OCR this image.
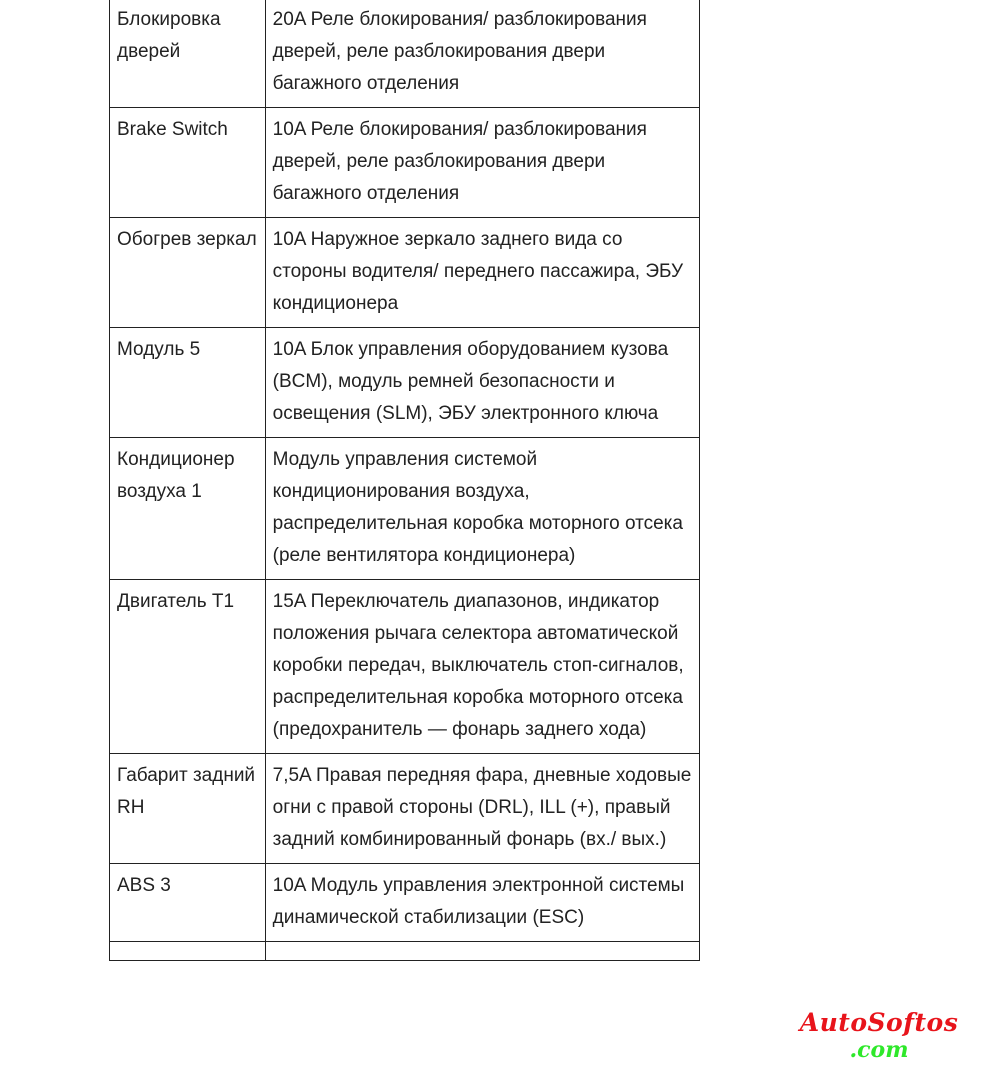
Блокировка дверей	20A Реле блокирования/ разблокирования дверей, реле разблокирования двери багажного отделения
Brake Switch	10A Реле блокирования/ разблокирования дверей, реле разблокирования двери багажного отделения
Обогрев зеркал	10A Наружное зеркало заднего вида со стороны водителя/ переднего пассажира, ЭБУ кондиционера
Модуль 5	10A Блок управления оборудованием кузова (BCM), модуль ремней безопасности и освещения (SLM), ЭБУ электронного ключа
Кондиционер воздуха 1	Модуль управления системой кондиционирования воздуха, распределительная коробка моторного отсека (реле вентилятора кондиционера)
Двигатель T1	15A Переключатель диапазонов, индикатор положения рычага селектора автоматической коробки передач, выключатель стоп-сигналов, распределительная коробка моторного отсека (предохранитель — фонарь заднего хода)
Габарит задний RH	7,5A Правая передняя фара, дневные ходовые огни с правой стороны (DRL), ILL (+), правый задний комбинированный фонарь (вх./ вых.)
ABS 3	10A Модуль управления электронной системы динамической стабилизации (ESC)

AutoSoftos
.com
